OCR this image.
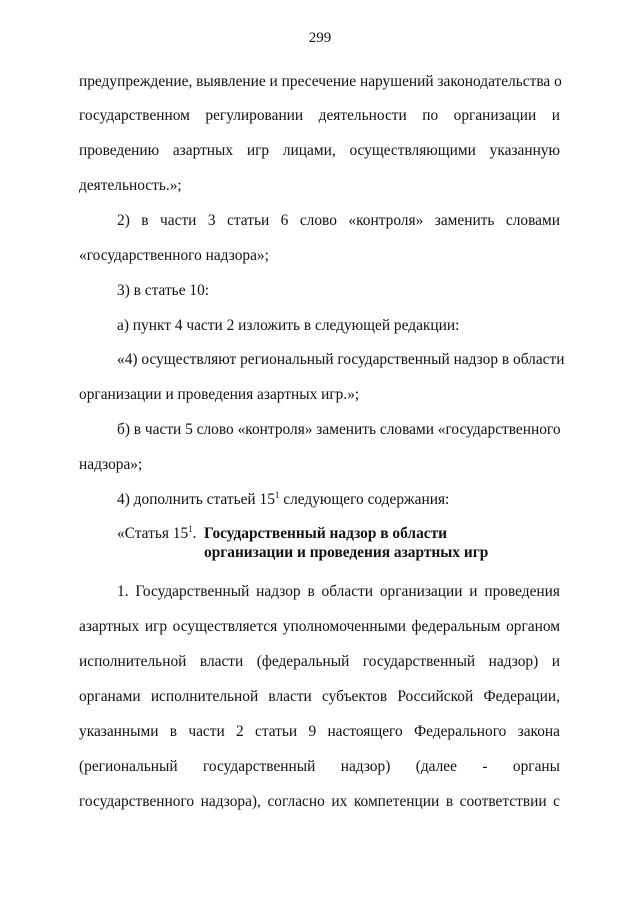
299
предупреждение, выявление и пресечение нарушений законодательства о
государственном регулировании деятельности по организации и
проведению азартных игр лицами, осуществляющими указанную
деятельность.»;
2) в части 3 статьи 6 слово «контроля» заменить словами
«государственного надзора»;
3) в статье 10:
а) пункт 4 части 2 изложить в следующей редакции:
«4) осуществляют региональный государственный надзор в области
организации и проведения азартных игр.»;
б) в части 5 слово «контроля» заменить словами «государственного
надзора»;
4) дополнить статьей $15^1$ следующего содержания:
«Статья $15^1$. Государственный надзор в области
организации и проведения азартных игр
1. Государственный надзор в области организации и проведения
азартных игр осуществляется уполномоченными федеральным органом
исполнительной власти (федеральный государственный надзор) и
органами исполнительной власти субъектов Российской Федерации,
указанными в части 2 статьи 9 настоящего Федерального закона
(региональный государственный надзор) (далее - органы
государственного надзора), согласно их компетенции в соответствии с
